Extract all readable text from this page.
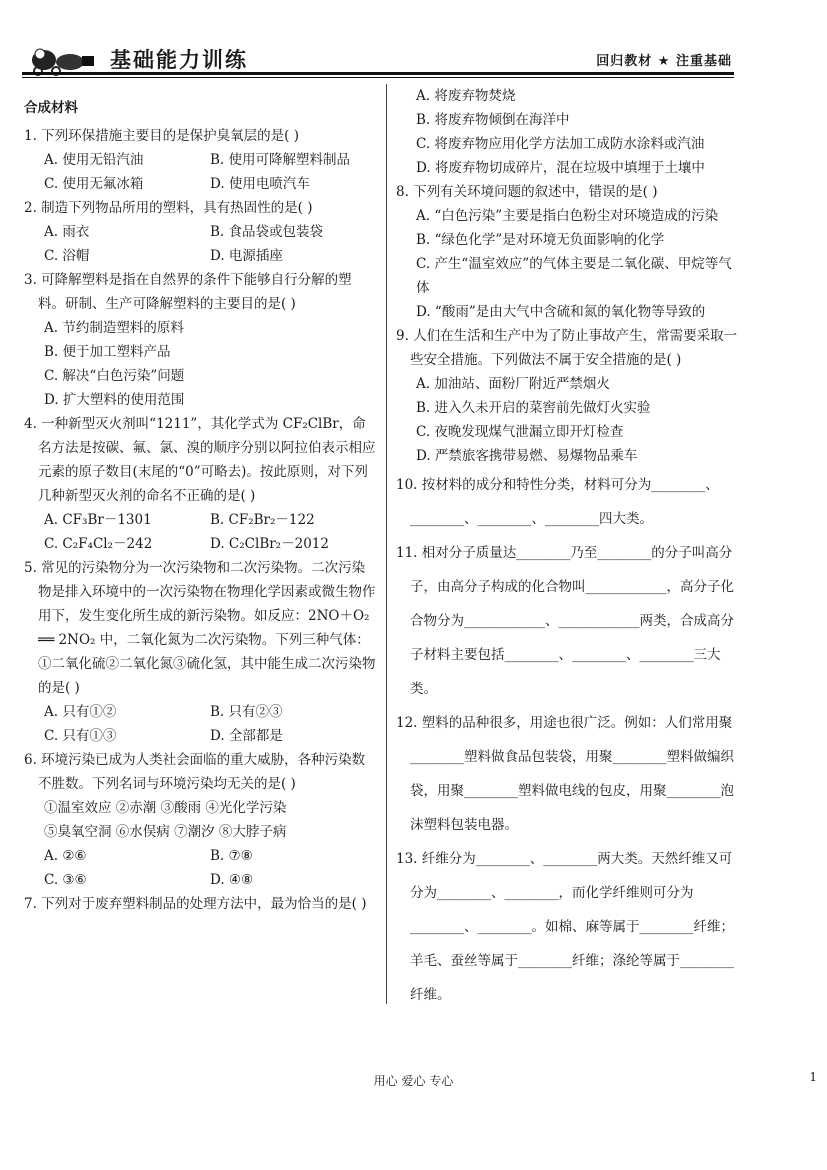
基础能力训练	回归教材 ★ 注重基础
合成材料
1. 下列环保措施主要目的是保护臭氧层的是( )
A. 使用无铅汽油	B. 使用可降解塑料制品
C. 使用无氟冰箱	D. 使用电喷汽车
2. 制造下列物品所用的塑料，具有热固性的是( )
A. 雨衣	B. 食品袋或包装袋
C. 浴帽	D. 电源插座
3. 可降解塑料是指在自然界的条件下能够自行分解的塑料。研制、生产可降解塑料的主要目的是( )
A. 节约制造塑料的原料
B. 便于加工塑料产品
C. 解决“白色污染”问题
D. 扩大塑料的使用范围
4. 一种新型灭火剂叫“1211”，其化学式为 CF₂ClBr，命名方法是按碳、氟、氯、溴的顺序分别以阿拉伯表示相应元素的原子数目(末尾的“0”可略去)。按此原则，对下列几种新型灭火剂的命名不正确的是( )
A. CF₃Br－1301	B. CF₂Br₂－122
C. C₂F₄Cl₂－242	D. C₂ClBr₂－2012
5. 常见的污染物分为一次污染物和二次污染物。二次污染物是排入环境中的一次污染物在物理化学因素或微生物作用下，发生变化所生成的新污染物。如反应：2NO＋O₂ ══ 2NO₂ 中，二氧化氮为二次污染物。下列三种气体：①二氧化硫②二氧化氮③硫化氢，其中能生成二次污染物的是( )
A. 只有①②	B. 只有②③
C. 只有①③	D. 全部都是
6. 环境污染已成为人类社会面临的重大威胁，各种污染数不胜数。下列名词与环境污染均无关的是( )
①温室效应 ②赤潮 ③酸雨 ④光化学污染
⑤臭氧空洞 ⑥水俣病 ⑦潮汐 ⑧大脖子病
A. ②⑥	B. ⑦⑧
C. ③⑥	D. ④⑧
7. 下列对于废弃塑料制品的处理方法中，最为恰当的是( )
A. 将废弃物焚烧
B. 将废弃物倾倒在海洋中
C. 将废弃物应用化学方法加工成防水涂料或汽油
D. 将废弃物切成碎片，混在垃圾中填埋于土壤中
8. 下列有关环境问题的叙述中，错误的是( )
A. “白色污染”主要是指白色粉尘对环境造成的污染
B. “绿色化学”是对环境无负面影响的化学
C. 产生“温室效应”的气体主要是二氧化碳、甲烷等气体
D. “酸雨”是由大气中含硫和氮的氧化物等导致的
9. 人们在生活和生产中为了防止事故产生，常需要采取一些安全措施。下列做法不属于安全措施的是( )
A. 加油站、面粉厂附近严禁烟火
B. 进入久未开启的菜窖前先做灯火实验
C. 夜晚发现煤气泄漏立即开灯检查
D. 严禁旅客携带易燃、易爆物品乘车
10. 按材料的成分和特性分类，材料可分为________、________、________、________四大类。
11. 相对分子质量达________乃至________的分子叫高分子，由高分子构成的化合物叫____________，高分子化合物分为____________、____________两类，合成高分子材料主要包括________、________、________三大类。
12. 塑料的品种很多，用途也很广泛。例如：人们常用聚________塑料做食品包装袋，用聚________塑料做编织袋，用聚________塑料做电线的包皮，用聚________泡沫塑料包装电器。
13. 纤维分为________、________两大类。天然纤维又可分为________、________，而化学纤维则可分为________、________。如棉、麻等属于________纤维；羊毛、蚕丝等属于________纤维；涤纶等属于________纤维。
用心 爱心 专心	1
